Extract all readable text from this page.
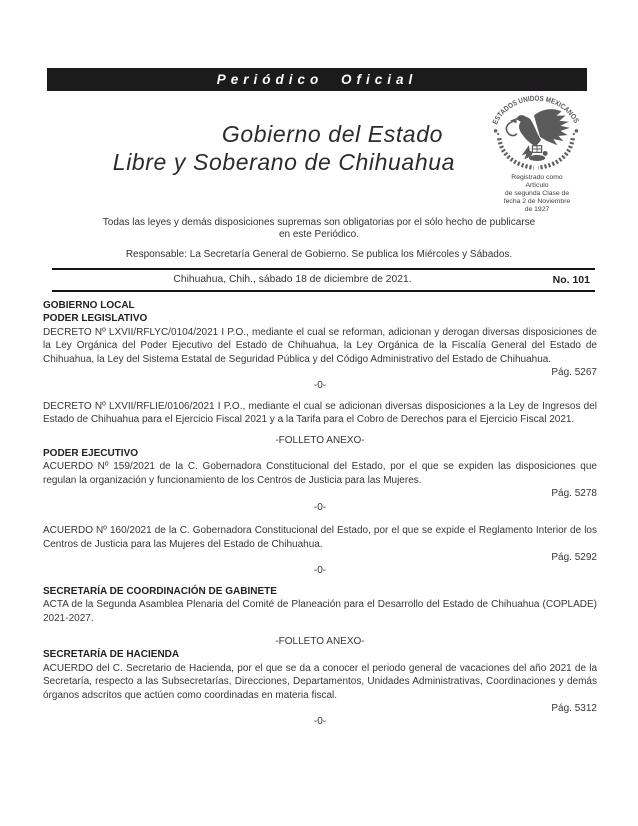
Periódico Oficial
Gobierno del Estado
Libre y Soberano de Chihuahua
ESTADOS UNIDOS MEXICANOS
Registrado como
Artículo
de segunda Clase de
fecha 2 de Noviembre
de 1927
Todas las leyes y demás disposiciones supremas son obligatorias por el sólo hecho de publicarse
en este Periódico.
Responsable: La Secretaría General de Gobierno. Se publica los Miércoles y Sábados.
Chihuahua, Chih., sábado 18 de diciembre de 2021.	No. 101
GOBIERNO LOCAL
PODER LEGISLATIVO
DECRETO Nº LXVII/RFLYC/0104/2021 I P.O., mediante el cual se reforman, adicionan y derogan diversas disposiciones de la Ley Orgánica del Poder Ejecutivo del Estado de Chihuahua, la Ley Orgánica de la Fiscalía General del Estado de Chihuahua, la Ley del Sistema Estatal de Seguridad Pública y del Código Administrativo del Estado de Chihuahua.
Pág. 5267
-0-
DECRETO Nº LXVII/RFLIE/0106/2021 I P.O., mediante el cual se adicionan diversas disposiciones a la Ley de Ingresos del Estado de Chihuahua para el Ejercicio Fiscal 2021 y a la Tarifa para el Cobro de Derechos para el Ejercicio Fiscal 2021.
-FOLLETO ANEXO-
PODER EJECUTIVO
ACUERDO Nº 159/2021 de la C. Gobernadora Constitucional del Estado, por el que se expiden las disposiciones que regulan la organización y funcionamiento de los Centros de Justicia para las Mujeres.
Pág. 5278
-0-
ACUERDO Nº 160/2021 de la C. Gobernadora Constitucional del Estado, por el que se expide el Reglamento Interior de los Centros de Justicia para las Mujeres del Estado de Chihuahua.
Pág. 5292
-0-
SECRETARÍA DE COORDINACIÓN DE GABINETE
ACTA de la Segunda Asamblea Plenaria del Comité de Planeación para el Desarrollo del Estado de Chihuahua (COPLADE) 2021-2027.
-FOLLETO ANEXO-
SECRETARÍA DE HACIENDA
ACUERDO del C. Secretario de Hacienda, por el que se da a conocer el periodo general de vacaciones del año 2021 de la Secretaría, respecto a las Subsecretarías, Direcciones, Departamentos, Unidades Administrativas, Coordinaciones y demás órganos adscritos que actúen como coordinadas en materia fiscal.
Pág. 5312
-0-
